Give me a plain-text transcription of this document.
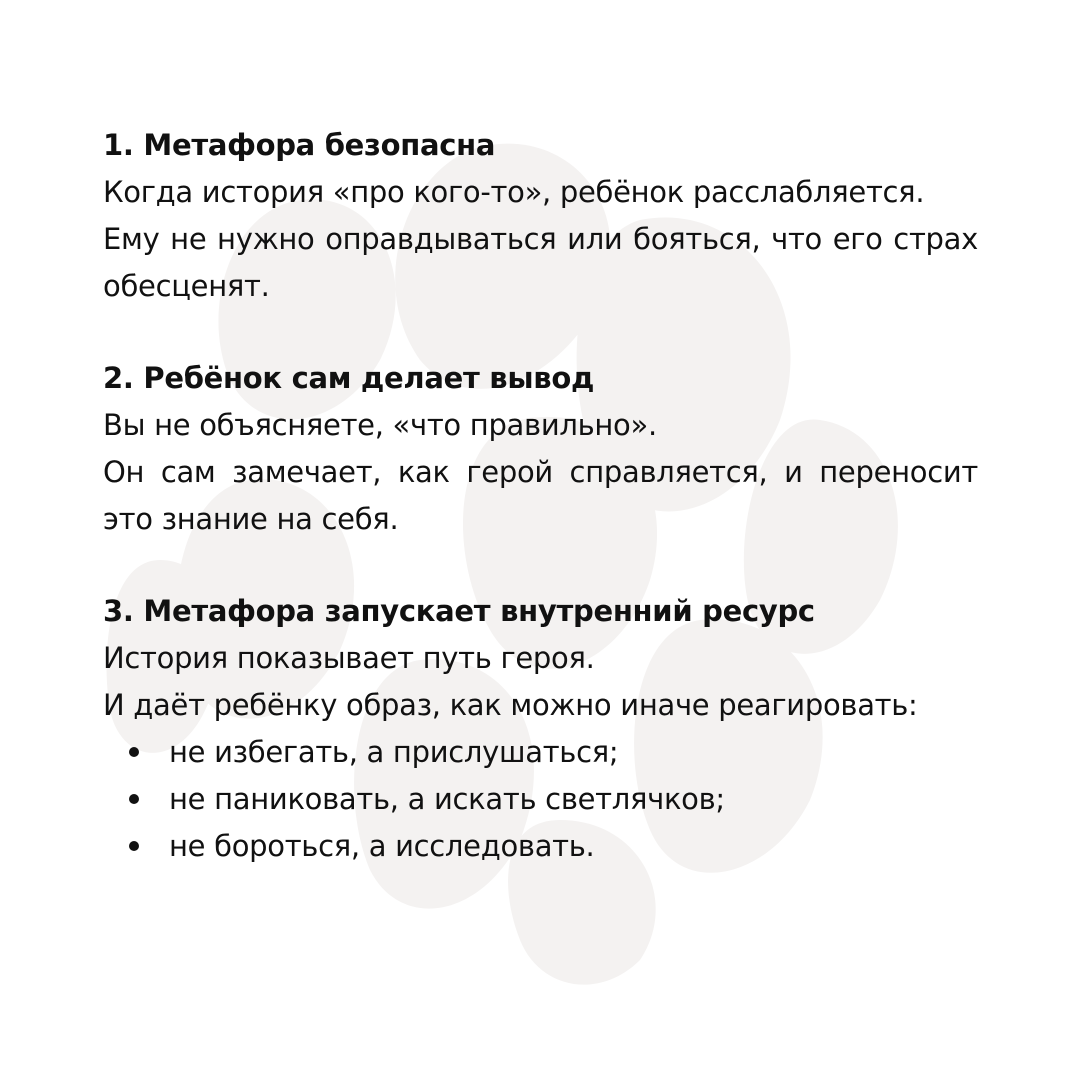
1. Метафора безопасна

Когда история «про кого-то», ребёнок расслабляется.

Ему не нужно оправдываться или бояться, что его страх обесценят.

2. Ребёнок сам делает вывод

Вы не объясняете, «что правильно».

Он сам замечает, как герой справляется, и переносит это знание на себя.

3. Метафора запускает внутренний ресурс

История показывает путь героя.

И даёт ребёнку образ, как можно иначе реагировать:

не избегать, а прислушаться;
не паниковать, а искать светлячков;
не бороться, а исследовать.
